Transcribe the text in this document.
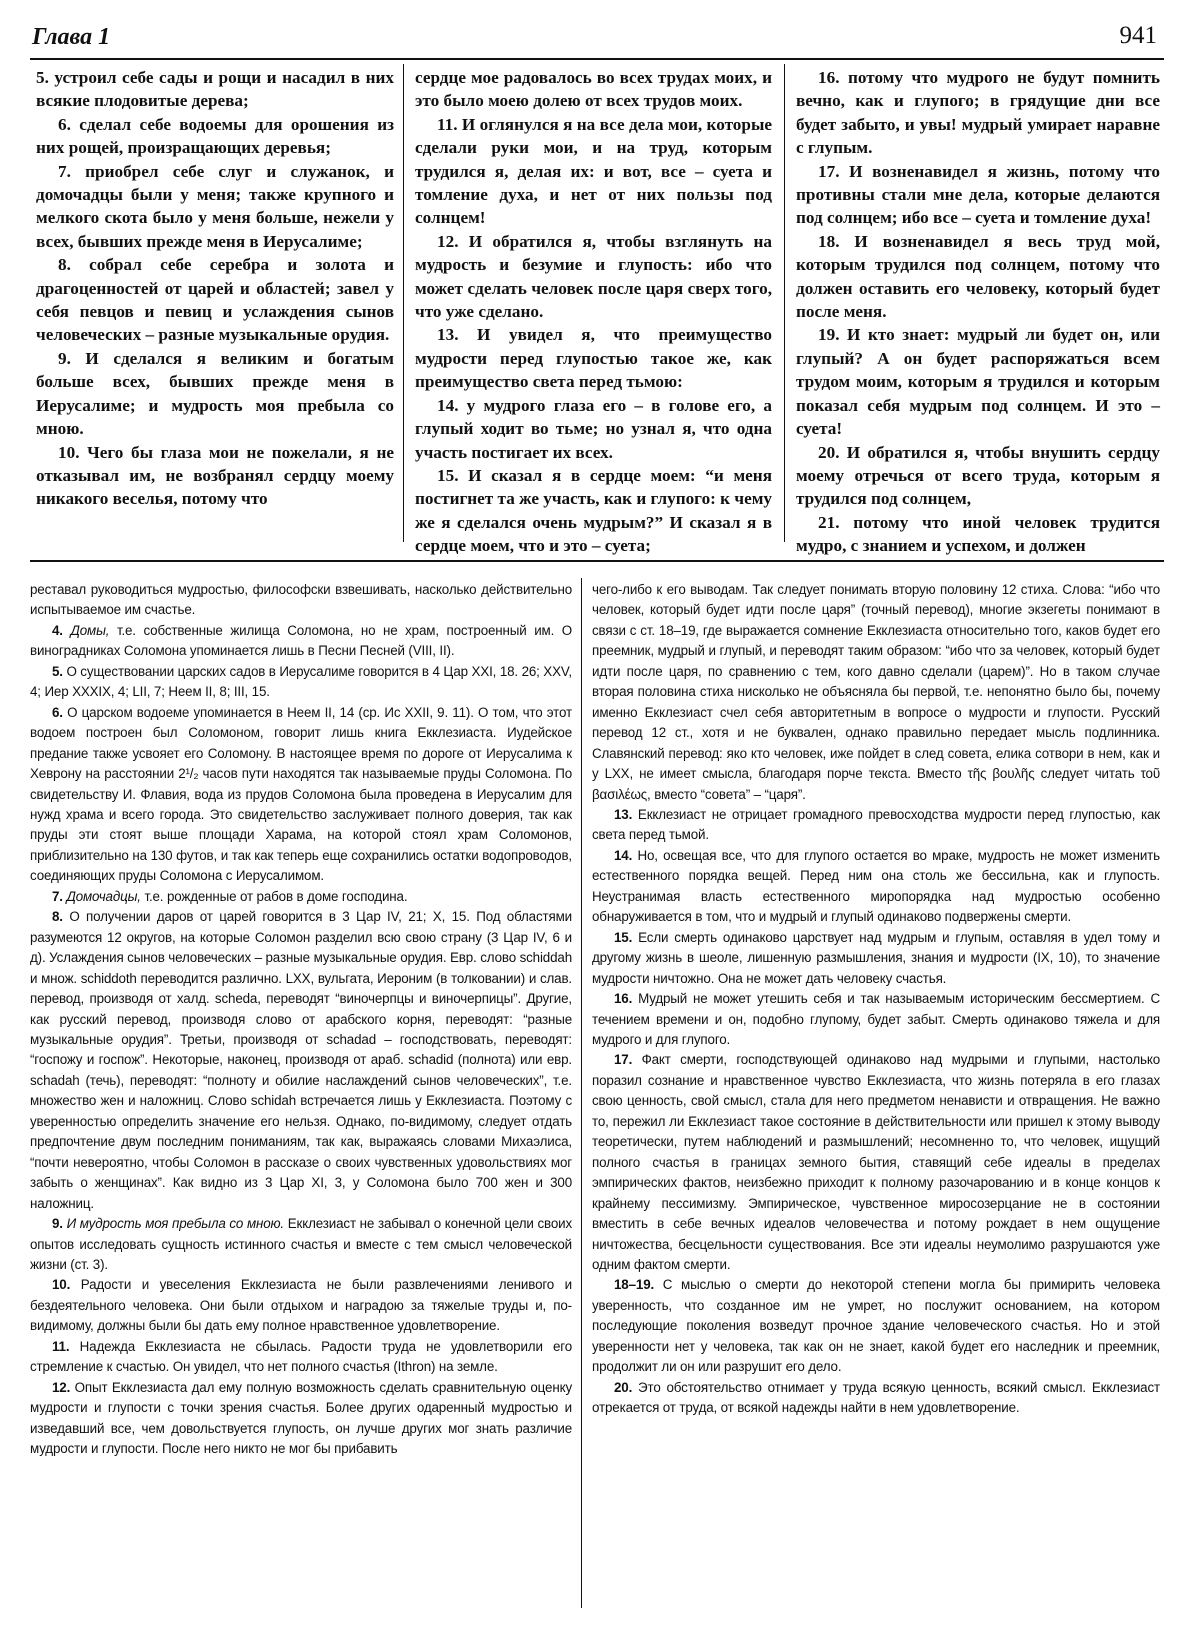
Глава 1	941

5. устроил себе сады и рощи и насадил в них всякие плодовитые дерева;

6. сделал себе водоемы для орошения из них рощей, произращающих деревья;

7. приобрел себе слуг и служанок, и домочадцы были у меня; также крупного и мелкого скота было у меня больше, нежели у всех, бывших прежде меня в Иерусалиме;

8. собрал себе серебра и золота и драгоценностей от царей и областей; завел у себя певцов и певиц и услаждения сынов человеческих – разные музыкальные орудия.

9. И сделался я великим и богатым больше всех, бывших прежде меня в Иерусалиме; и мудрость моя пребыла со мною.

10. Чего бы глаза мои не пожелали, я не отказывал им, не возбранял сердцу моему никакого веселья, потому что

сердце мое радовалось во всех трудах моих, и это было моею долею от всех трудов моих.

11. И оглянулся я на все дела мои, которые сделали руки мои, и на труд, которым трудился я, делая их: и вот, все – суета и томление духа, и нет от них пользы под солнцем!

12. И обратился я, чтобы взглянуть на мудрость и безумие и глупость: ибо что может сделать человек после царя сверх того, что уже сделано.

13. И увидел я, что преимущество мудрости перед глупостью такое же, как преимущество света перед тьмою:

14. у мудрого глаза его – в голове его, а глупый ходит во тьме; но узнал я, что одна участь постигает их всех.

15. И сказал я в сердце моем: “и меня постигнет та же участь, как и глупого: к чему же я сделался очень мудрым?” И сказал я в сердце моем, что и это – суета;

16. потому что мудрого не будут помнить вечно, как и глупого; в грядущие дни все будет забыто, и увы! мудрый умирает наравне с глупым.

17. И возненавидел я жизнь, потому что противны стали мне дела, которые делаются под солнцем; ибо все – суета и томление духа!

18. И возненавидел я весь труд мой, которым трудился под солнцем, потому что должен оставить его человеку, который будет после меня.

19. И кто знает: мудрый ли будет он, или глупый? А он будет распоряжаться всем трудом моим, которым я трудился и которым показал себя мудрым под солнцем. И это – суета!

20. И обратился я, чтобы внушить сердцу моему отречься от всего труда, которым я трудился под солнцем,

21. потому что иной человек трудится мудро, с знанием и успехом, и должен

реставал руководиться мудростью, философски взвешивать, насколько действительно испытываемое им счастье.

4. Домы, т.е. собственные жилища Соломона, но не храм, построенный им. О виноградниках Соломона упоминается лишь в Песни Песней (VIII, II).

5. О существовании царских садов в Иерусалиме говорится в 4 Цар XXI, 18. 26; XXV, 4; Иер XXXIX, 4; LII, 7; Неем II, 8; III, 15.

6. О царском водоеме упоминается в Неем II, 14 (ср. Ис XXII, 9. 11). О том, что этот водоем построен был Соломоном, говорит лишь книга Екклезиаста. Иудейское предание также усвояет его Соломону. В настоящее время по дороге от Иерусалима к Хеврону на расстоянии 2¹/₂ часов пути находятся так называемые пруды Соломона. По свидетельству И. Флавия, вода из прудов Соломона была проведена в Иерусалим для нужд храма и всего города. Это свидетельство заслуживает полного доверия, так как пруды эти стоят выше площади Харама, на которой стоял храм Соломонов, приблизительно на 130 футов, и так как теперь еще сохранились остатки водопроводов, соединяющих пруды Соломона с Иерусалимом.

7. Домочадцы, т.е. рожденные от рабов в доме господина.

8. О получении даров от царей говорится в 3 Цар IV, 21; X, 15. Под областями разумеются 12 округов, на которые Соломон разделил всю свою страну (3 Цар IV, 6 и д). Услаждения сынов человеческих – разные музыкальные орудия. Евр. слово schiddah и множ. schiddoth переводится различно. LXX, вульгата, Иероним (в толковании) и слав. перевод, производя от халд. scheda, переводят “виночерпцы и виночерпицы”. Другие, как русский перевод, производя слово от арабского корня, переводят: “разные музыкальные орудия”. Третьи, производя от schadad – господствовать, переводят: “госпожу и госпож”. Некоторые, наконец, производя от араб. schadid (полнота) или евр. schadah (течь), переводят: “полноту и обилие наслаждений сынов человеческих”, т.е. множество жен и наложниц. Слово schidah встречается лишь у Екклезиаста. Поэтому с уверенностью определить значение его нельзя. Однако, по-видимому, следует отдать предпочтение двум последним пониманиям, так как, выражаясь словами Михаэлиса, “почти невероятно, чтобы Соломон в рассказе о своих чувственных удовольствиях мог забыть о женщинах”. Как видно из 3 Цар XI, 3, у Соломона было 700 жен и 300 наложниц.

9. И мудрость моя пребыла со мною. Екклезиаст не забывал о конечной цели своих опытов исследовать сущность истинного счастья и вместе с тем смысл человеческой жизни (ст. 3).

10. Радости и увеселения Екклезиаста не были развлечениями ленивого и бездеятельного человека. Они были отдыхом и наградою за тяжелые труды и, по-видимому, должны были бы дать ему полное нравственное удовлетворение.

11. Надежда Екклезиаста не сбылась. Радости труда не удовлетворили его стремление к счастью. Он увидел, что нет полного счастья (Ithron) на земле.

12. Опыт Екклезиаста дал ему полную возможность сделать сравнительную оценку мудрости и глупости с точки зрения счастья. Более других одаренный мудростью и изведавший все, чем довольствуется глупость, он лучше других мог знать различие мудрости и глупости. После него никто не мог бы прибавить

чего-либо к его выводам. Так следует понимать вторую половину 12 стиха. Слова: “ибо что человек, который будет идти после царя” (точный перевод), многие экзегеты понимают в связи с ст. 18–19, где выражается сомнение Екклезиаста относительно того, каков будет его преемник, мудрый и глупый, и переводят таким образом: “ибо что за человек, который будет идти после царя, по сравнению с тем, кого давно сделали (царем)”. Но в таком случае вторая половина стиха нисколько не объясняла бы первой, т.е. непонятно было бы, почему именно Екклезиаст счел себя авторитетным в вопросе о мудрости и глупости. Русский перевод 12 ст., хотя и не буквален, однако правильно передает мысль подлинника. Славянский перевод: яко кто человек, иже пойдет в след совета, елика сотвори в нем, как и у LXX, не имеет смысла, благодаря порче текста. Вместо τῆς βουλῆς следует читать τοῦ βασιλέως, вместо “совета” – “царя”.

13. Екклезиаст не отрицает громадного превосходства мудрости перед глупостью, как света перед тьмой.

14. Но, освещая все, что для глупого остается во мраке, мудрость не может изменить естественного порядка вещей. Перед ним она столь же бессильна, как и глупость. Неустранимая власть естественного миропорядка над мудростью особенно обнаруживается в том, что и мудрый и глупый одинаково подвержены смерти.

15. Если смерть одинаково царствует над мудрым и глупым, оставляя в удел тому и другому жизнь в шеоле, лишенную размышления, знания и мудрости (IX, 10), то значение мудрости ничтожно. Она не может дать человеку счастья.

16. Мудрый не может утешить себя и так называемым историческим бессмертием. С течением времени и он, подобно глупому, будет забыт. Смерть одинаково тяжела и для мудрого и для глупого.

17. Факт смерти, господствующей одинаково над мудрыми и глупыми, настолько поразил сознание и нравственное чувство Екклезиаста, что жизнь потеряла в его глазах свою ценность, свой смысл, стала для него предметом ненависти и отвращения. Не важно то, пережил ли Екклезиаст такое состояние в действительности или пришел к этому выводу теоретически, путем наблюдений и размышлений; несомненно то, что человек, ищущий полного счастья в границах земного бытия, ставящий себе идеалы в пределах эмпирических фактов, неизбежно приходит к полному разочарованию и в конце концов к крайнему пессимизму. Эмпирическое, чувственное миросозерцание не в состоянии вместить в себе вечных идеалов человечества и потому рождает в нем ощущение ничтожества, бесцельности существования. Все эти идеалы неумолимо разрушаются уже одним фактом смерти.

18–19. С мыслью о смерти до некоторой степени могла бы примирить человека уверенность, что созданное им не умрет, но послужит основанием, на котором последующие поколения возведут прочное здание человеческого счастья. Но и этой уверенности нет у человека, так как он не знает, какой будет его наследник и преемник, продолжит ли он или разрушит его дело.

20. Это обстоятельство отнимает у труда всякую ценность, всякий смысл. Екклезиаст отрекается от труда, от всякой надежды найти в нем удовлетворение.
